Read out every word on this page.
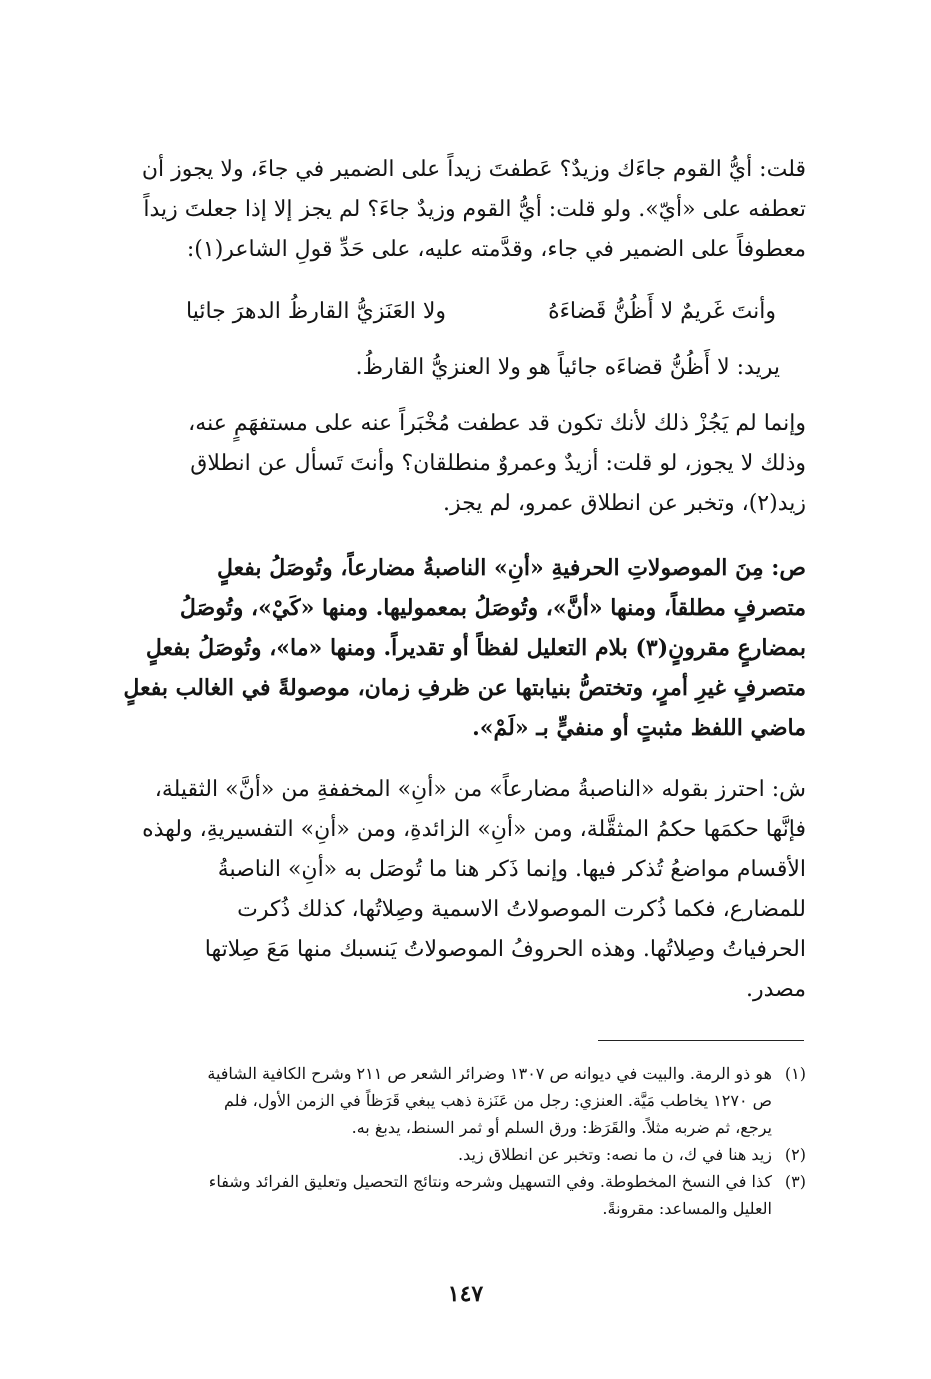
قلت: أيُّ القوم جاءَك وزيدٌ؟ عَطفتَ زيداً على الضمير في جاءَ، ولا يجوز أن
تعطفه على «أيّ». ولو قلت: أيُّ القوم وزيدٌ جاءَ؟ لم يجز إلا إذا جعلتَ زيداً
معطوفاً على الضمير في جاء، وقدَّمته عليه، على حَدِّ قولِ الشاعر(١):
وأنتَ غَريمٌ لا أَظُنُّ قَضاءَهُ
ولا العَنَزيُّ القارظُ الدهرَ جائيا
يريد: لا أَظُنُّ قضاءَه جائياً هو ولا العنزيُّ القارظُ.
وإنما لم يَجُزْ ذلك لأنك تكون قد عطفت مُخْبَراً عنه على مستفهَمٍ عنه،
وذلك لا يجوز، لو قلت: أزيدٌ وعمروٌ منطلقان؟ وأنتَ تَسأل عن انطلاق
زيد(٢)، وتخبر عن انطلاق عمرو، لم يجز.
ص: مِنَ الموصولاتِ الحرفيةِ «أنِ» الناصبةُ مضارعاً، وتُوصَلُ بفعلٍ
متصرفٍ مطلقاً، ومنها «أنَّ»، وتُوصَلُ بمعموليها. ومنها «كَيْ»، وتُوصَلُ
بمضارعٍ مقرونٍ(٣) بلام التعليل لفظاً أو تقديراً. ومنها «ما»، وتُوصَلُ بفعلٍ
متصرفٍ غيرِ أمرٍ، وتختصُّ بنيابتها عن ظرفِ زمان، موصولةً في الغالب بفعلٍ
ماضي اللفظ مثبتٍ أو منفيٍّ بـ «لَمْ».
ش: احترز بقوله «الناصبةُ مضارعاً» من «أنِ» المخففةِ من «أنَّ» الثقيلة،
فإنَّها حكمَها حكمُ المثقَّلة، ومن «أنِ» الزائدةِ، ومن «أنِ» التفسيريةِ، ولهذه
الأقسام مواضعُ تُذكر فيها. وإنما ذَكر هنا ما تُوصَل به «أنِ» الناصبةُ
للمضارع، فكما ذُكرت الموصولاتُ الاسمية وصِلاتُها، كذلك ذُكرت
الحرفياتُ وصِلاتُها. وهذه الحروفُ الموصولاتُ يَنسبك منها مَعَ صِلاتها
مصدر.
(١)
هو ذو الرمة. والبيت في ديوانه ص ١٣٠٧ وضرائر الشعر ص ٢١١ وشرح الكافية الشافية
ص ١٢٧٠ يخاطب مَيَّة. العنزي: رجل من عَنَزة ذهب يبغي قَرَظاً في الزمن الأول، فلم
يرجع، ثم ضربه مثلاً. والقَرَظ: ورق السلم أو ثمر السنط، يدبغ به.
(٢)
زيد هنا في ك، ن ما نصه: وتخبر عن انطلاق زيد.
(٣)
كذا في النسخ المخطوطة. وفي التسهيل وشرحه ونتائج التحصيل وتعليق الفرائد وشفاء
العليل والمساعد: مقرونةً.
١٤٧
